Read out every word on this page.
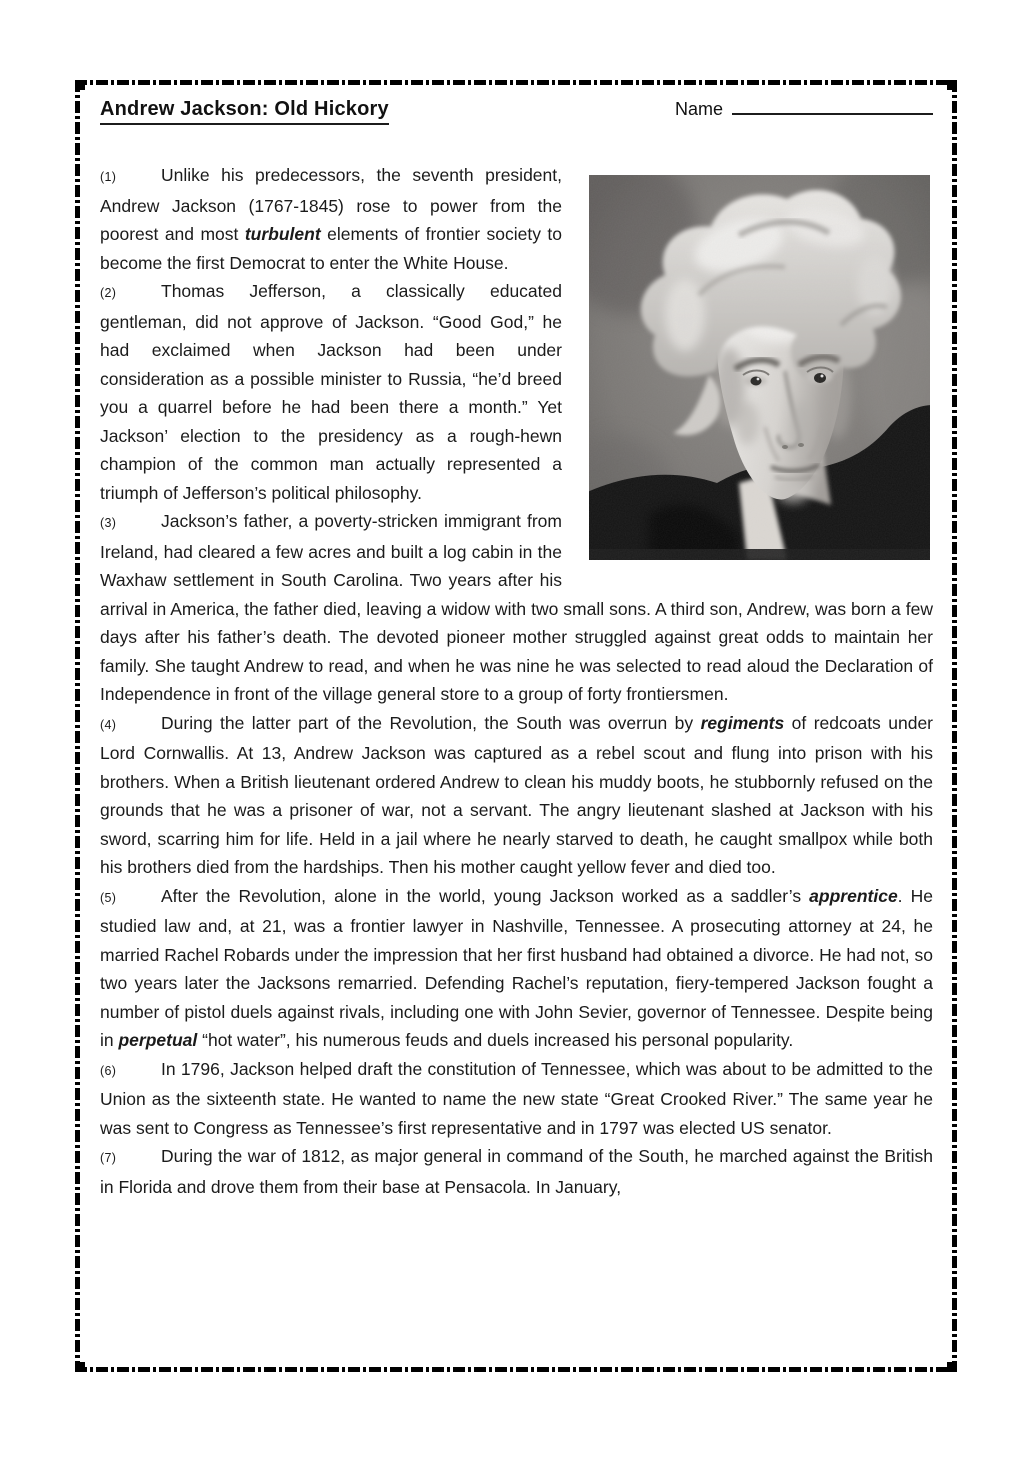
Andrew Jackson: Old Hickory	Name

(1)	Unlike his predecessors, the seventh president, Andrew Jackson (1767-1845) rose to power from the poorest and most turbulent elements of frontier society to become the first Democrat to enter the White House.

(2)	Thomas Jefferson, a classically educated gentleman, did not approve of Jackson. “Good God,” he had exclaimed when Jackson had been under consideration as a possible minister to Russia, “he’d breed you a quarrel before he had been there a month.” Yet Jackson’ election to the presidency as a rough-hewn champion of the common man actually represented a triumph of Jefferson’s political philosophy.

(3)	Jackson’s father, a poverty-stricken immigrant from Ireland, had cleared a few acres and built a log cabin in the Waxhaw settlement in South Carolina. Two years after his arrival in America, the father died, leaving a widow with two small sons. A third son, Andrew, was born a few days after his father’s death. The devoted pioneer mother struggled against great odds to maintain her family. She taught Andrew to read, and when he was nine he was selected to read aloud the Declaration of Independence in front of the village general store to a group of forty frontiersmen.

(4)	During the latter part of the Revolution, the South was overrun by regiments of redcoats under Lord Cornwallis. At 13, Andrew Jackson was captured as a rebel scout and flung into prison with his brothers. When a British lieutenant ordered Andrew to clean his muddy boots, he stubbornly refused on the grounds that he was a prisoner of war, not a servant. The angry lieutenant slashed at Jackson with his sword, scarring him for life. Held in a jail where he nearly starved to death, he caught smallpox while both his brothers died from the hardships. Then his mother caught yellow fever and died too.

(5)	After the Revolution, alone in the world, young Jackson worked as a saddler’s apprentice. He studied law and, at 21, was a frontier lawyer in Nashville, Tennessee. A prosecuting attorney at 24, he married Rachel Robards under the impression that her first husband had obtained a divorce. He had not, so two years later the Jacksons remarried. Defending Rachel’s reputation, fiery-tempered Jackson fought a number of pistol duels against rivals, including one with John Sevier, governor of Tennessee. Despite being in perpetual “hot water”, his numerous feuds and duels increased his personal popularity.

(6)	In 1796, Jackson helped draft the constitution of Tennessee, which was about to be admitted to the Union as the sixteenth state. He wanted to name the new state “Great Crooked River.” The same year he was sent to Congress as Tennessee’s first representative and in 1797 was elected US senator.

(7)	During the war of 1812, as major general in command of the South, he marched against the British in Florida and drove them from their base at Pensacola. In January,
